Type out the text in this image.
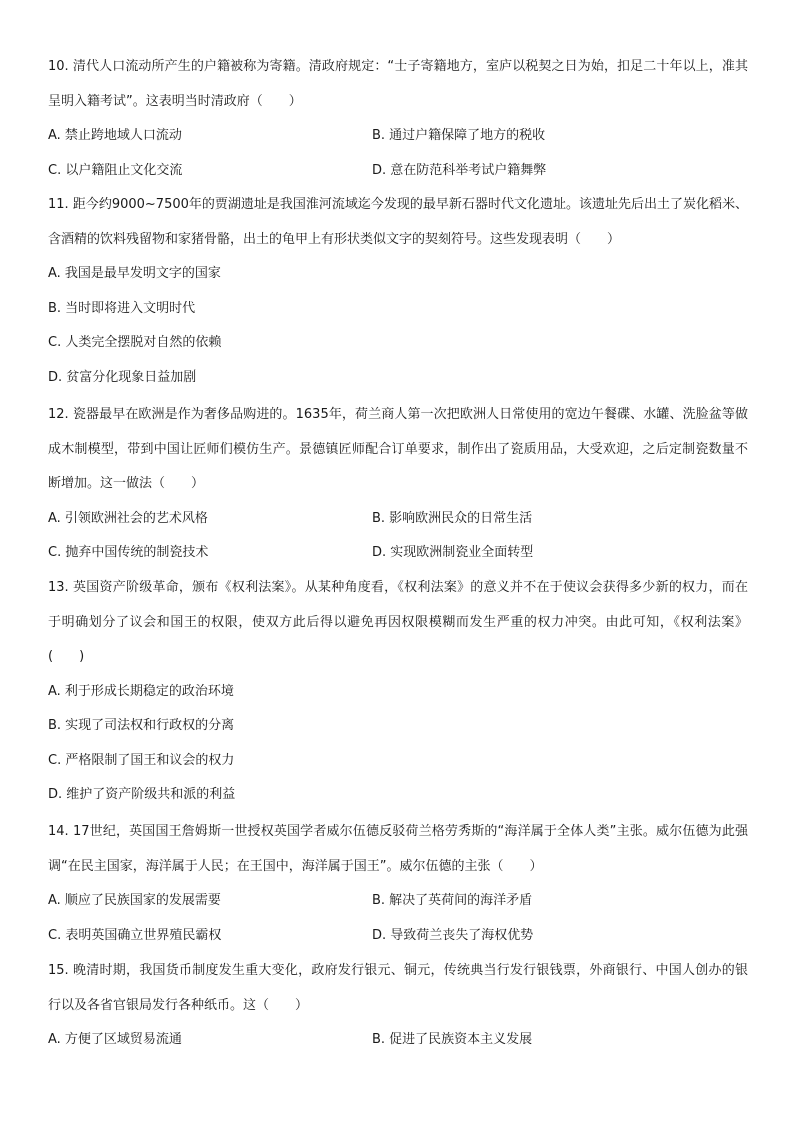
10. 清代人口流动所产生的户籍被称为寄籍。清政府规定：“士子寄籍地方，室庐以税契之日为始，扣足二十年以上，准其呈明入籍考试”。这表明当时清政府（　　）

A. 禁止跨地域人口流动	B. 通过户籍保障了地方的税收
C. 以户籍阻止文化交流	D. 意在防范科举考试户籍舞弊

11. 距今约9000~7500年的贾湖遗址是我国淮河流域迄今发现的最早新石器时代文化遗址。该遗址先后出土了炭化稻米、含酒精的饮料残留物和家猪骨骼，出土的龟甲上有形状类似文字的契刻符号。这些发现表明（　　）

A. 我国是最早发明文字的国家
B. 当时即将进入文明时代
C. 人类完全摆脱对自然的依赖
D. 贫富分化现象日益加剧

12. 瓷器最早在欧洲是作为奢侈品购进的。1635年，荷兰商人第一次把欧洲人日常使用的宽边午餐碟、水罐、洗脸盆等做成木制模型，带到中国让匠师们模仿生产。景德镇匠师配合订单要求，制作出了瓷质用品，大受欢迎，之后定制瓷数量不断增加。这一做法（　　）

A. 引领欧洲社会的艺术风格	B. 影响欧洲民众的日常生活
C. 抛弃中国传统的制瓷技术	D. 实现欧洲制瓷业全面转型

13. 英国资产阶级革命，颁布《权利法案》。从某种角度看，《权利法案》的意义并不在于使议会获得多少新的权力，而在于明确划分了议会和国王的权限，使双方此后得以避免再因权限模糊而发生严重的权力冲突。由此可知，《权利法案》(　　)

A. 利于形成长期稳定的政治环境
B. 实现了司法权和行政权的分离
C. 严格限制了国王和议会的权力
D. 维护了资产阶级共和派的利益

14. 17世纪，英国国王詹姆斯一世授权英国学者威尔伍德反驳荷兰格劳秀斯的“海洋属于全体人类”主张。威尔伍德为此强调“在民主国家，海洋属于人民；在王国中，海洋属于国王”。威尔伍德的主张（　　）

A. 顺应了民族国家的发展需要	B. 解决了英荷间的海洋矛盾
C. 表明英国确立世界殖民霸权	D. 导致荷兰丧失了海权优势

15. 晚清时期，我国货币制度发生重大变化，政府发行银元、铜元，传统典当行发行银钱票，外商银行、中国人创办的银行以及各省官银局发行各种纸币。这（　　）

A. 方便了区域贸易流通	B. 促进了民族资本主义发展
